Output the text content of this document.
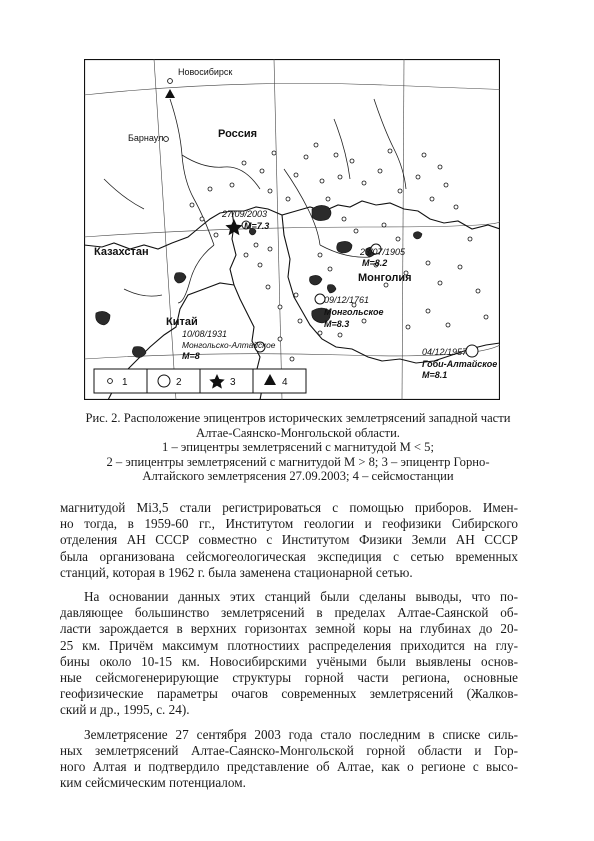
Новосибирск
Барнаул	Россия
Казахстан
Монголия
Китай
27/09/2003
M=7.3
23/07/1905
M=8.2
09/12/1761
Монгольское
M=8.3
10/08/1931
Монгольско-Алтайское
M=8	04/12/1957
Гоби-Алтайское
M=8.1
1	2	3	4
Рис. 2. Расположение эпицентров исторических землетрясений западной части
Алтае-Саянско-Монгольской области.
1 – эпицентры землетрясений с магнитудой М < 5;
2 – эпицентры землетрясений с магнитудой М > 8; 3 – эпицентр Горно-
Алтайского землетрясения 27.09.2003; 4 – сейсмостанции

магнитудой Мі3,5 стали регистрироваться с помощью приборов. Имен-
но тогда, в 1959-60 гг., Институтом геологии и геофизики Сибирского
отделения АН СССР совместно с Институтом Физики Земли АН СССР
была организована сейсмогеологическая экспедиция с сетью временных
станций, которая в 1962 г. была заменена стационарной сетью.

На основании данных этих станций были сделаны выводы, что по-
давляющее большинство землетрясений в пределах Алтае-Саянской об-
ласти зарождается в верхних горизонтах земной коры на глубинах до 20-
25 км. Причём максимум плотностиих распределения приходится на глу-
бины около 10-15 км. Новосибирскими учёными были выявлены основ-
ные сейсмогенерирующие структуры горной части региона, основные
геофизические параметры очагов современных землетрясений (Жалков-
ский и др., 1995, с. 24).

Землетрясение 27 сентября 2003 года стало последним в списке силь-
ных землетрясений Алтае-Саянско-Монгольской горной области и Гор-
ного Алтая и подтвердило представление об Алтае, как о регионе с высо-
ким сейсмическим потенциалом.
